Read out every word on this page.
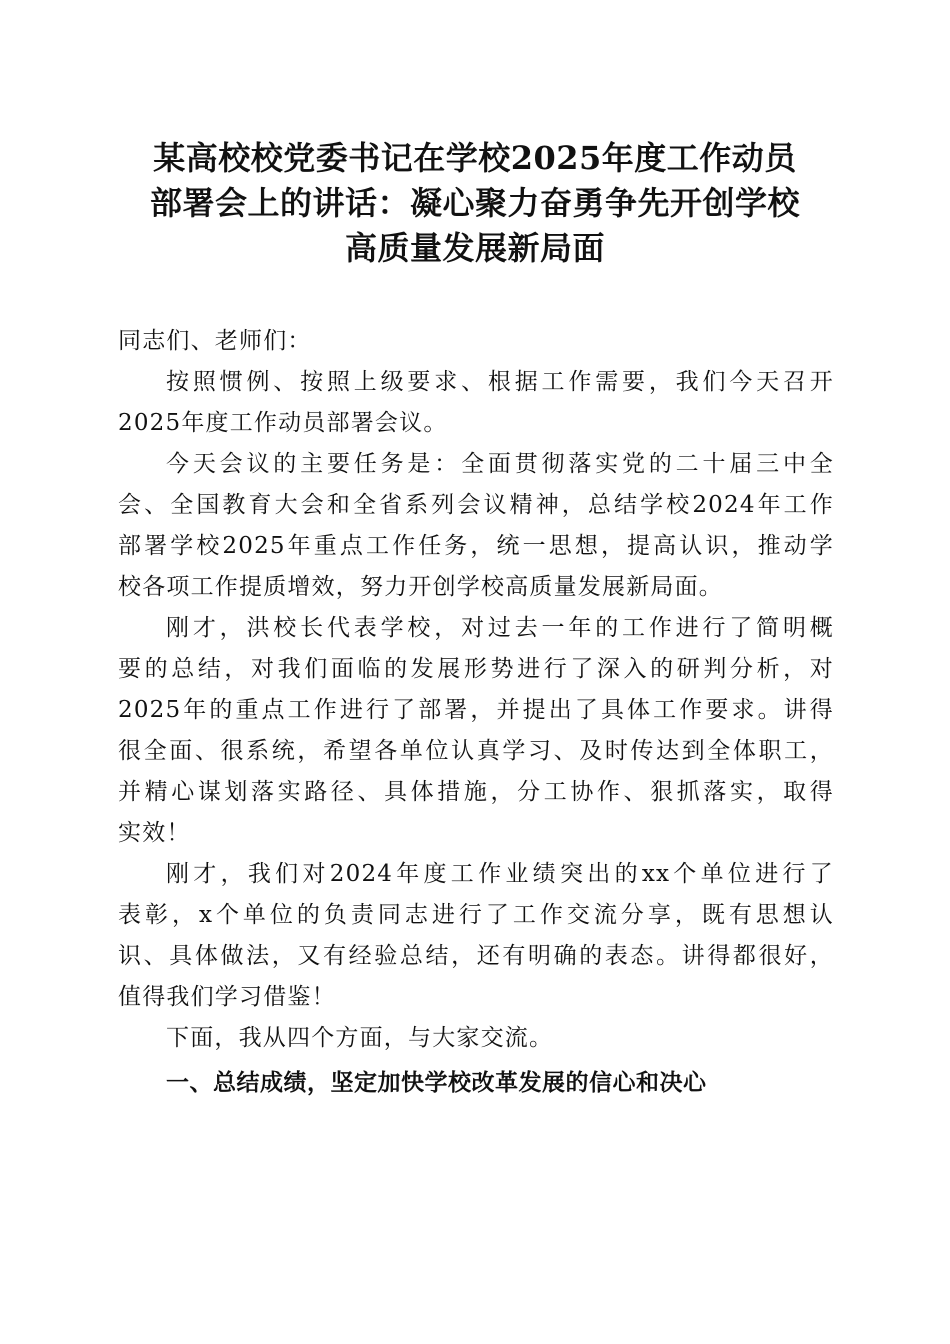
某高校校党委书记在学校2025年度工作动员
部署会上的讲话：凝心聚力奋勇争先开创学校
高质量发展新局面
同志们、老师们：
按照惯例、按照上级要求、根据工作需要，我们今天召开
2025年度工作动员部署会议。
今天会议的主要任务是：全面贯彻落实党的二十届三中全
会、全国教育大会和全省系列会议精神，总结学校2024年工作
部署学校2025年重点工作任务，统一思想，提高认识，推动学
校各项工作提质增效，努力开创学校高质量发展新局面。
刚才，洪校长代表学校，对过去一年的工作进行了简明概
要的总结，对我们面临的发展形势进行了深入的研判分析，对
2025年的重点工作进行了部署，并提出了具体工作要求。讲得
很全面、很系统，希望各单位认真学习、及时传达到全体职工，
并精心谋划落实路径、具体措施，分工协作、狠抓落实，取得
实效！
刚才，我们对2024年度工作业绩突出的xx个单位进行了
表彰，x个单位的负责同志进行了工作交流分享，既有思想认
识、具体做法，又有经验总结，还有明确的表态。讲得都很好，
值得我们学习借鉴！
下面，我从四个方面，与大家交流。
一、总结成绩，坚定加快学校改革发展的信心和决心
